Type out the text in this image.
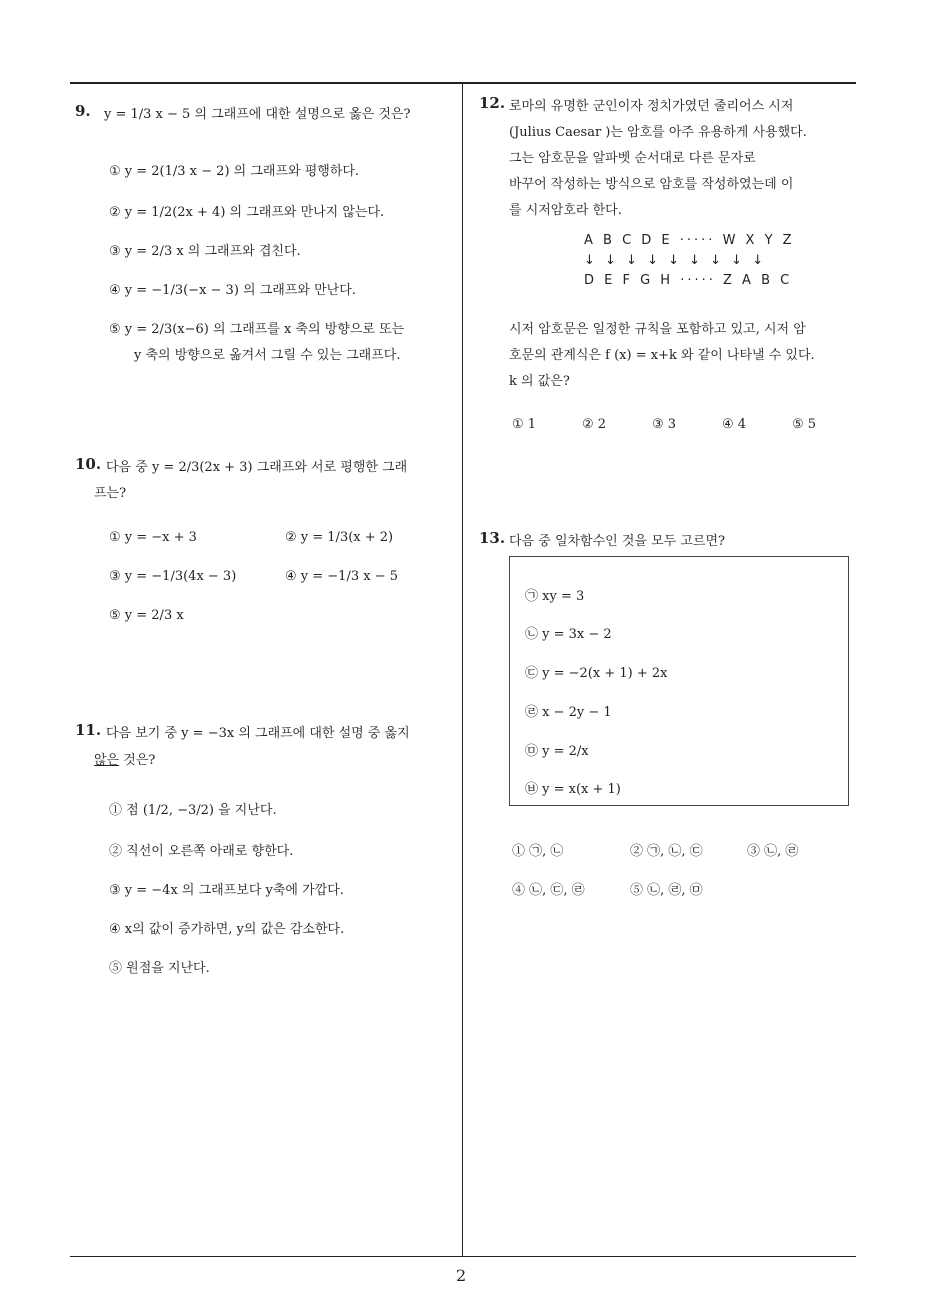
9. y = 1/3 x − 5 의 그래프에 대한 설명으로 옳은 것은?
① y = 2(1/3 x − 2) 의 그래프와 평행하다.
② y = 1/2(2x + 4) 의 그래프와 만나지 않는다.
③ y = 2/3 x 의 그래프와 겹친다.
④ y = −1/3(−x − 3) 의 그래프와 만난다.
⑤ y = 2/3(x−6) 의 그래프를 x 축의 방향으로 또는
y 축의 방향으로 옮겨서 그릴 수 있는 그래프다.
10. 다음 중 y = 2/3(2x + 3) 그래프와 서로 평행한 그래
프는?
① y = −x + 3	② y = 1/3(x + 2)
③ y = −1/3(4x − 3)	④ y = −1/3 x − 5
⑤ y = 2/3 x
11. 다음 보기 중 y = −3x 의 그래프에 대한 설명 중 옳지
않은 것은?
① 점 (1/2, −3/2) 을 지난다.
② 직선이 오른쪽 아래로 향한다.
③ y = −4x 의 그래프보다 y축에 가깝다.
④ x의 값이 증가하면, y의 값은 감소한다.
⑤ 원점을 지난다.
12. 로마의 유명한 군인이자 정치가였던 줄리어스 시저
(Julius Caesar )는 암호를 아주 유용하게 사용했다.
그는 암호문을 알파벳 순서대로 다른 문자로
바꾸어 작성하는 방식으로 암호를 작성하였는데 이
를 시저암호라 한다.
A B C D E ····· W X Y Z
↓ ↓ ↓ ↓ ↓ ↓ ↓ ↓ ↓
D E F G H ····· Z A B C
시저 암호문은 일정한 규칙을 포함하고 있고, 시저 암
호문의 관계식은 f (x) = x+k 와 같이 나타낼 수 있다.
k 의 값은?
① 1	② 2	③ 3	④ 4	⑤ 5
13. 다음 중 일차함수인 것을 모두 고르면?
㉠ xy = 3
㉡ y = 3x − 2
㉢ y = −2(x + 1) + 2x
㉣ x − 2y − 1
㉤ y = 2/x
㉥ y = x(x + 1)
① ㉠, ㉡	② ㉠, ㉡, ㉢	③ ㉡, ㉣
④ ㉡, ㉢, ㉣	⑤ ㉡, ㉣, ㉤
2
